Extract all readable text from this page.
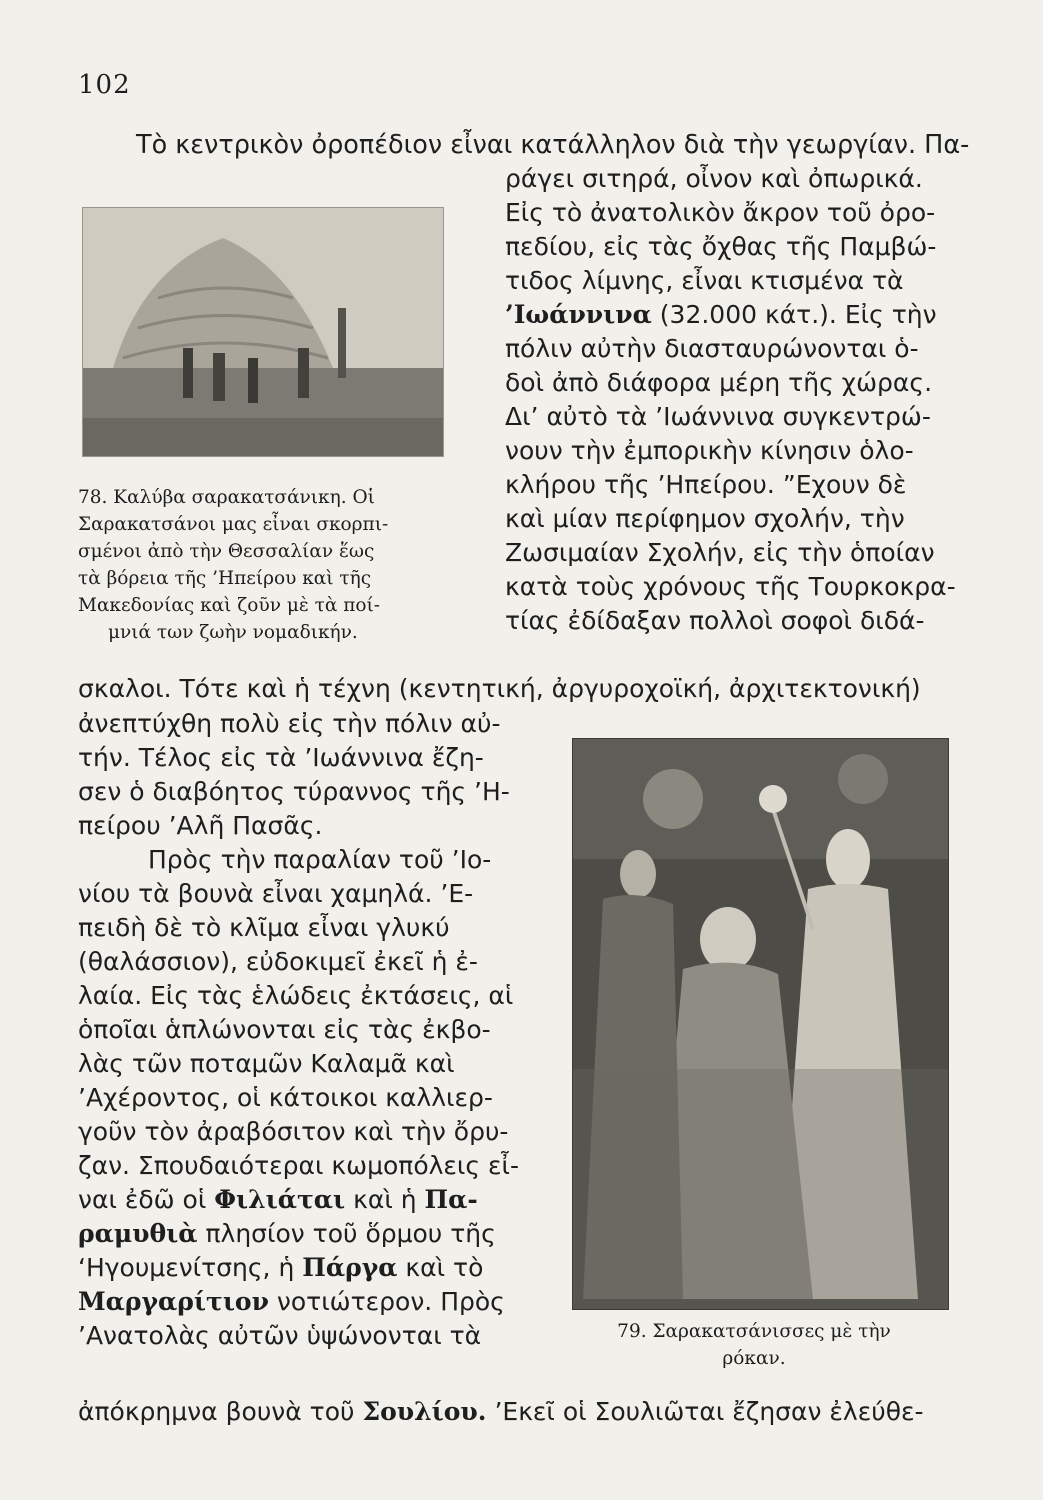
102

Τὸ κεντρικὸν ὀροπέδιον εἶναι κατάλληλον διὰ τὴν γεωργίαν. Πα-

78. Καλύβα σαρακατσάνικη. Οἱ
Σαρακατσάνοι μας εἶναι σκορπι-
σμένοι ἀπὸ τὴν Θεσσαλίαν ἕως
τὰ βόρεια τῆς ’Ηπείρου καὶ τῆς
Μακεδονίας καὶ ζοῦν μὲ τὰ ποί-
μνιά των ζωὴν νομαδικήν.
ράγει σιτηρά, οἶνον καὶ ὀπωρικά.
Εἰς τὸ ἀνατολικὸν ἄκρον τοῦ ὀρο-
πεδίου, εἰς τὰς ὄχθας τῆς Παμβώ-
τιδος λίμνης, εἶναι κτισμένα τὰ
’Ιωάννινα (32.000 κάτ.). Εἰς τὴν
πόλιν αὐτὴν διασταυρώνονται ὁ-
δοὶ ἀπὸ διάφορα μέρη τῆς χώρας.
Δι’ αὐτὸ τὰ ’Ιωάννινα συγκεντρώ-
νουν τὴν ἐμπορικὴν κίνησιν ὁλο-
κλήρου τῆς ’Ηπείρου. ”Εχουν δὲ
καὶ μίαν περίφημον σχολήν, τὴν
Ζωσιμαίαν Σχολήν, εἰς τὴν ὁποίαν
κατὰ τοὺς χρόνους τῆς Τουρκοκρα-
τίας ἐδίδαξαν πολλοὶ σοφοὶ διδά-

σκαλοι. Τότε καὶ ἡ τέχνη (κεντητική, ἀργυροχοϊκή, ἀρχιτεκτονική)

ἀνεπτύχθη πολὺ εἰς τὴν πόλιν αὐ-
τήν. Τέλος εἰς τὰ ’Ιωάννινα ἔζη-
σεν ὁ διαβόητος τύραννος τῆς ’Η-
πείρου ’Αλῆ Πασᾶς.
Πρὸς τὴν παραλίαν τοῦ ’Ιο-
νίου τὰ βουνὰ εἶναι χαμηλά. ’Ε-
πειδὴ δὲ τὸ κλῖμα εἶναι γλυκύ
(θαλάσσιον), εὐδοκιμεῖ ἐκεῖ ἡ ἐ-
λαία. Εἰς τὰς ἑλώδεις ἐκτάσεις, αἱ
ὁποῖαι ἁπλώνονται εἰς τὰς ἐκβο-
λὰς τῶν ποταμῶν Καλαμᾶ καὶ
’Αχέροντος, οἱ κάτοικοι καλλιερ-
γοῦν τὸν ἀραβόσιτον καὶ τὴν ὄρυ-
ζαν. Σπουδαιότεραι κωμοπόλεις εἶ-
ναι ἐδῶ οἱ Φιλιάται καὶ ἡ Πα-
ραμυθιὰ πλησίον τοῦ ὅρμου τῆς
‘Ηγουμενίτσης, ἡ Πάργα καὶ τὸ
Μαργαρίτιον νοτιώτερον. Πρὸς
’Ανατολὰς αὐτῶν ὑψώνονται τὰ	79. Σαρακατσάνισσες μὲ τὴν
ρόκαν.

ἀπόκρημνα βουνὰ τοῦ Σουλίου. ’Εκεῖ οἱ Σουλιῶται ἔζησαν ἐλεύθε-
